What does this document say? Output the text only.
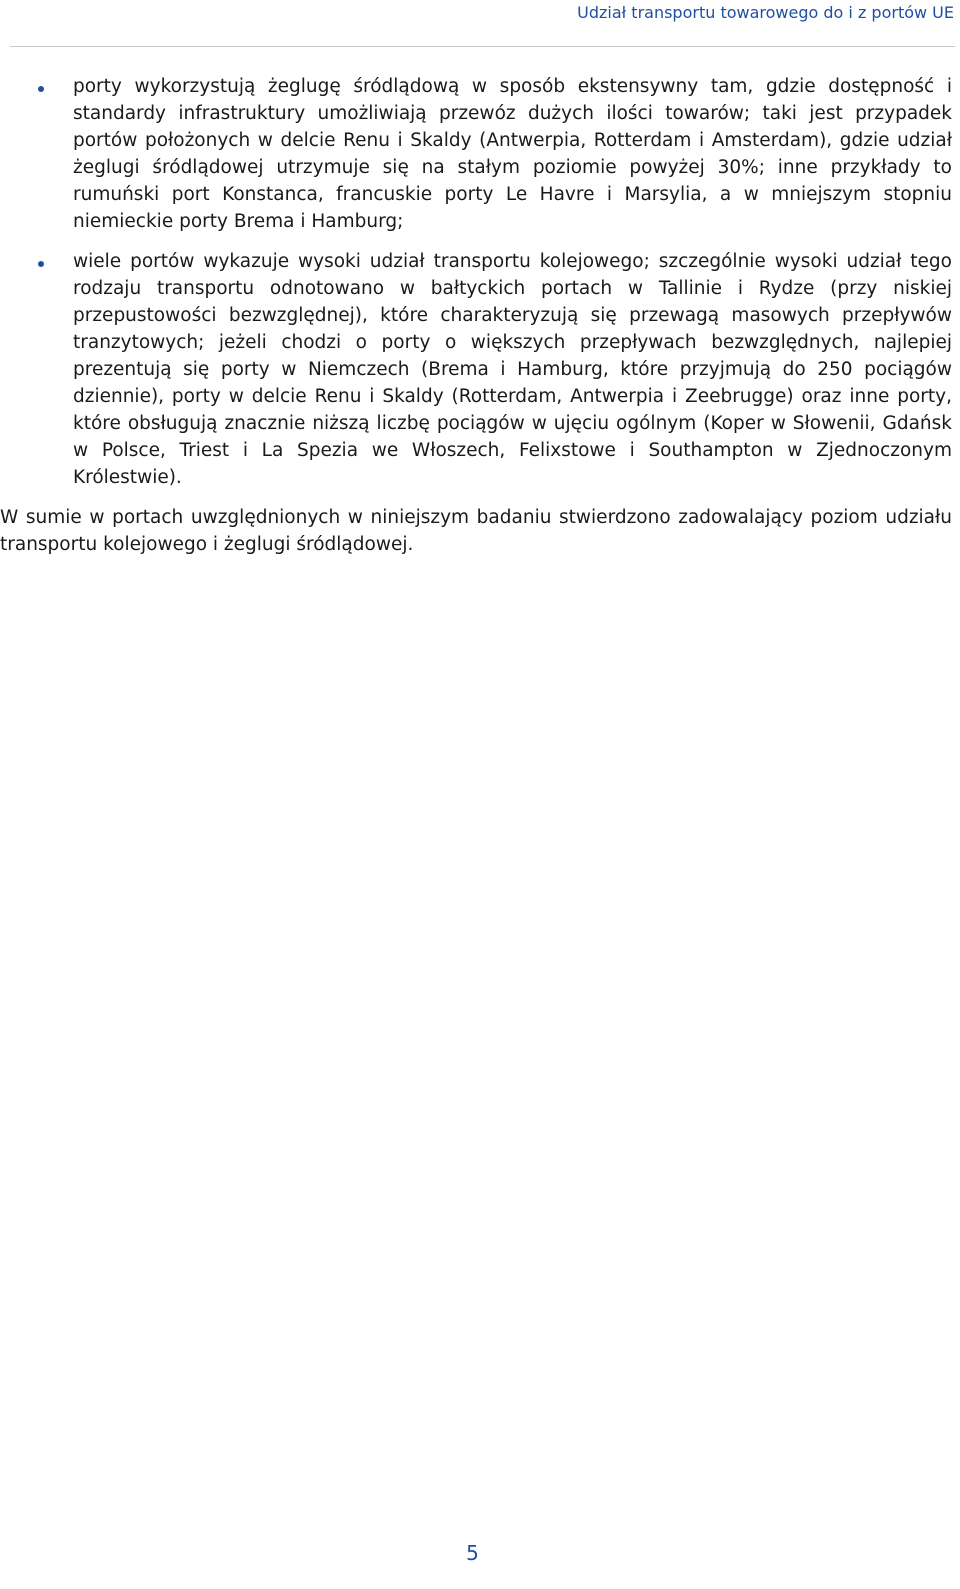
Udział transportu towarowego do i z portów UE
porty wykorzystują żeglugę śródlądową w sposób ekstensywny tam, gdzie dostępność i standardy infrastruktury umożliwiają przewóz dużych ilości towarów; taki jest przypadek portów położonych w delcie Renu i Skaldy (Antwerpia, Rotterdam i Amsterdam), gdzie udział żeglugi śródlądowej utrzymuje się na stałym poziomie powyżej 30%; inne przykłady to rumuński port Konstanca, francuskie porty Le Havre i Marsylia, a w mniejszym stopniu niemieckie porty Brema i Hamburg;
wiele portów wykazuje wysoki udział transportu kolejowego; szczególnie wysoki udział tego rodzaju transportu odnotowano w bałtyckich portach w Tallinie i Rydze (przy niskiej przepustowości bezwzględnej), które charakteryzują się przewagą masowych przepływów tranzytowych; jeżeli chodzi o porty o większych przepływach bezwzględnych, najlepiej prezentują się porty w Niemczech (Brema i Hamburg, które przyjmują do 250 pociągów dziennie), porty w delcie Renu i Skaldy (Rotterdam, Antwerpia i Zeebrugge) oraz inne porty, które obsługują znacznie niższą liczbę pociągów w ujęciu ogólnym (Koper w Słowenii, Gdańsk w Polsce, Triest i La Spezia we Włoszech, Felixstowe i Southampton w Zjednoczonym Królestwie).

W sumie w portach uwzględnionych w niniejszym badaniu stwierdzono zadowalający poziom udziału transportu kolejowego i żeglugi śródlądowej.

5
